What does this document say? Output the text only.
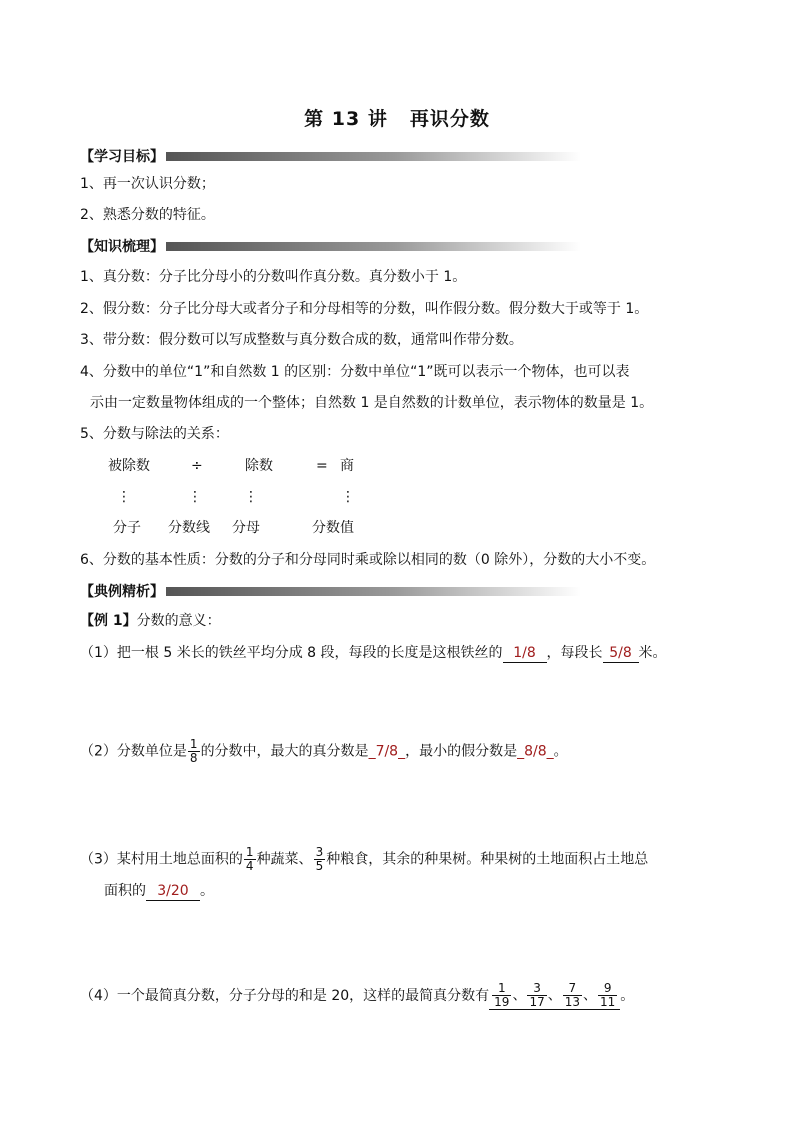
第 13 讲 再识分数
【学习目标】
1、再一次认识分数；
2、熟悉分数的特征。
【知识梳理】
1、真分数：分子比分母小的分数叫作真分数。真分数小于 1。
2、假分数：分子比分母大或者分子和分母相等的分数，叫作假分数。假分数大于或等于 1。
3、带分数：假分数可以写成整数与真分数合成的数，通常叫作带分数。
4、分数中的单位“1”和自然数 1 的区别：分数中单位“1”既可以表示一个物体，也可以表
示由一定数量物体组成的一个整体；自然数 1 是自然数的计数单位，表示物体的数量是 1。
5、分数与除法的关系：
被除数	÷	除数	= 商
⋮	⋮	⋮	⋮
分子 分数线 分母	分数值
6、分数的基本性质：分数的分子和分母同时乘或除以相同的数（0 除外），分数的大小不变。
【典例精析】
【例 1】分数的意义：
（1）把一根 5 米长的铁丝平均分成 8 段，每段的长度是这根铁丝的 1/8 ，每段长 5/8 米。
（2）分数单位是 $\frac{1}{8}$ 的分数中，最大的真分数是_7/8_，最小的假分数是_8/8_。
（3）某村用土地总面积的 $\frac{1}{4}$ 种蔬菜、 $\frac{3}{5}$ 种粮食，其余的种果树。种果树的土地面积占土地总
面积的 3/20 。
（4）一个最简真分数，分子分母的和是 20，这样的最简真分数有 $\frac{1}{19}$ 、 $\frac{3}{17}$ 、 $\frac{7}{13}$ 、 $\frac{9}{11}$ 。
